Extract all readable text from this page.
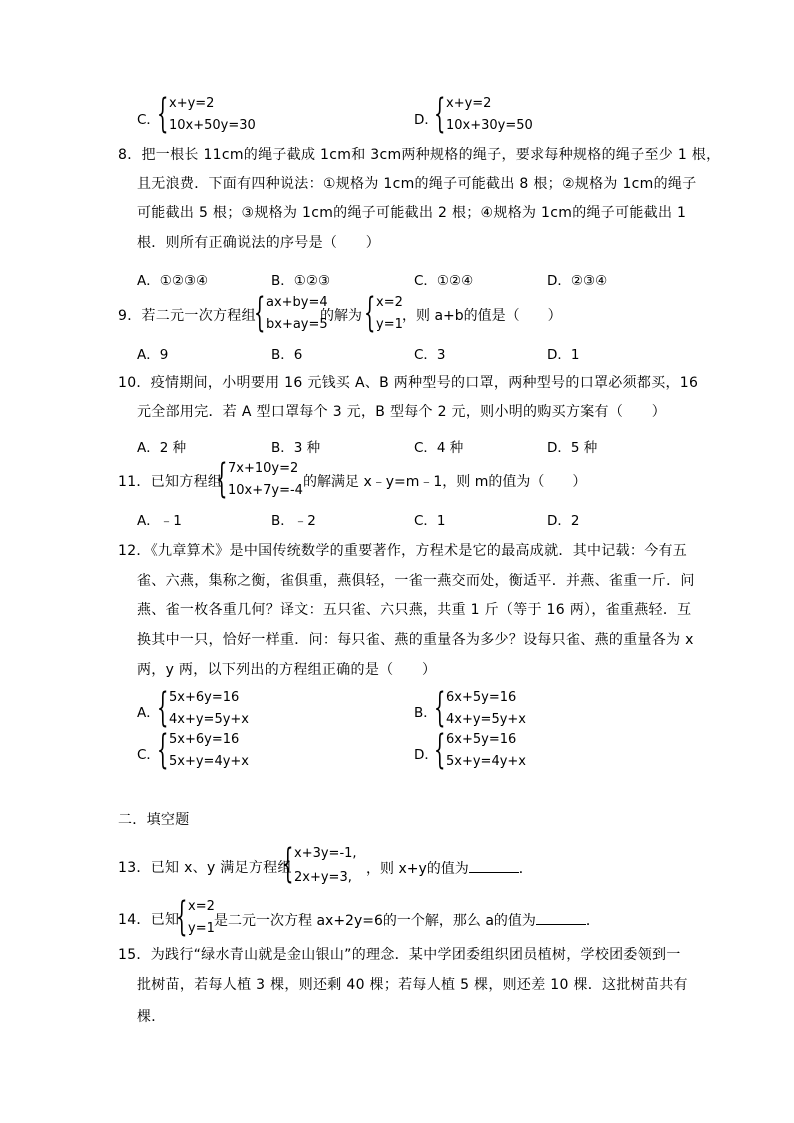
C．
{ x+y=2
10x+50y=30	D．
{ x+y=2
10x+30y=50
8．把一根长 11cm的绳子截成 1cm和 3cm两种规格的绳子，要求每种规格的绳子至少 1 根，
且无浪费．下面有四种说法：①规格为 1cm的绳子可能截出 8 根；②规格为 1cm的绳子
可能截出 5 根；③规格为 1cm的绳子可能截出 2 根；④规格为 1cm的绳子可能截出 1
根．则所有正确说法的序号是（　　）
A．①②③④	B．①②③	C．①②④	D．②③④
9．若二元一次方程组
{ ax+by=4
bx+ay=5
的解为 { x=2
y=1
，则 a+b的值是（　　）
A．9	B．6	C．3	D．1
10．疫情期间，小明要用 16 元钱买 A、B 两种型号的口罩，两种型号的口罩必须都买，16
元全部用完．若 A 型口罩每个 3 元，B 型每个 2 元，则小明的购买方案有（　　）
A．2 种	B．3 种	C．4 种	D．5 种
11．已知方程组
{ 7x+10y=2
10x+7y=-4
的解满足 x﹣y=m﹣1，则 m的值为（　　）
A．﹣1	B．﹣2	C．1	D．2
12．《九章算术》是中国传统数学的重要著作，方程术是它的最高成就．其中记载：今有五
雀、六燕，集称之衡，雀俱重，燕俱轻，一雀一燕交而处，衡适平．并燕、雀重一斤．问
燕、雀一枚各重几何？译文：五只雀、六只燕，共重 1 斤（等于 16 两），雀重燕轻．互
换其中一只，恰好一样重．问：每只雀、燕的重量各为多少？设每只雀、燕的重量各为 x
两，y 两，以下列出的方程组正确的是（　　）
A．
{ 5x+6y=16
4x+y=5y+x	B．
{ 6x+5y=16
4x+y=5y+x
C．
{ 5x+6y=16
5x+y=4y+x	D．
{ 6x+5y=16
5x+y=4y+x
二．填空题
13．已知 x、y 满足方程组
{ x+3y=-1,
2x+y=3,
，则 x+y的值为	．
14．已知
{ x=2
y=1 是二元一次方程 ax+2y=6的一个解，那么 a的值为	．
15．为践行“绿水青山就是金山银山”的理念．某中学团委组织团员植树，学校团委领到一
批树苗，若每人植 3 棵，则还剩 40 棵；若每人植 5 棵，则还差 10 棵．这批树苗共有
棵．
